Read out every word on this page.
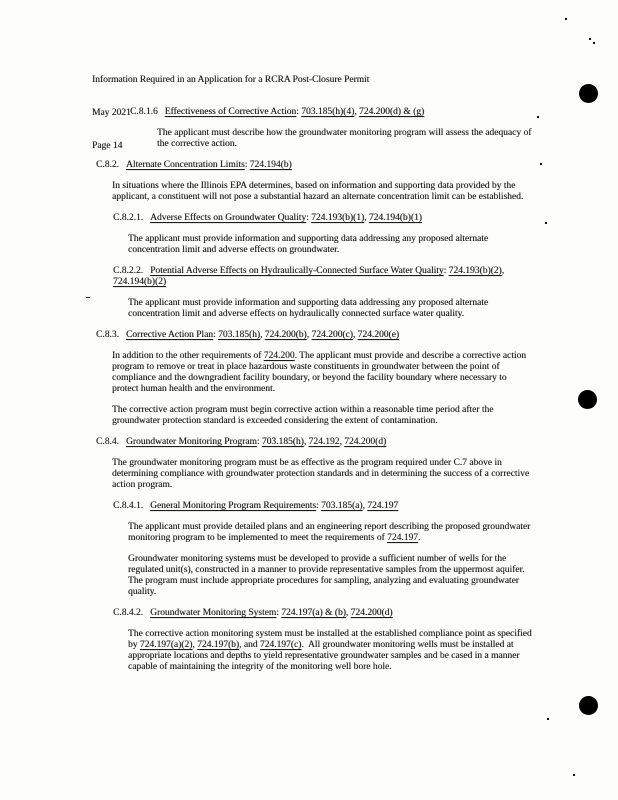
Information Required in an Application for a RCRA Post-Closure Permit

May 2021

Page 14

C.8.1.6 Effectiveness of Corrective Action: 703.185(h)(4), 724.200(d) & (g)
The applicant must describe how the groundwater monitoring program will assess the adequacy of the corrective action.
C.8.2. Alternate Concentration Limits: 724.194(b)
In situations where the Illinois EPA determines, based on information and supporting data provided by the applicant, a constituent will not pose a substantial hazard an alternate concentration limit can be established.
C.8.2.1. Adverse Effects on Groundwater Quality: 724.193(b)(1), 724.194(b)(1)
The applicant must provide information and supporting data addressing any proposed alternate concentration limit and adverse effects on groundwater.
C.8.2.2. Potential Adverse Effects on Hydraulically-Connected Surface Water Quality: 724.193(b)(2), 724.194(b)(2)
The applicant must provide information and supporting data addressing any proposed alternate concentration limit and adverse effects on hydraulically connected surface water quality.
C.8.3. Corrective Action Plan: 703.185(h), 724.200(b), 724.200(c), 724.200(e)
In addition to the other requirements of 724.200. The applicant must provide and describe a corrective action program to remove or treat in place hazardous waste constituents in groundwater between the point of compliance and the downgradient facility boundary, or beyond the facility boundary where necessary to protect human health and the environment.
The corrective action program must begin corrective action within a reasonable time period after the groundwater protection standard is exceeded considering the extent of contamination.
C.8.4. Groundwater Monitoring Program: 703.185(h), 724.192, 724.200(d)
The groundwater monitoring program must be as effective as the program required under C.7 above in determining compliance with groundwater protection standards and in determining the success of a corrective action program.
C.8.4.1. General Monitoring Program Requirements: 703.185(a), 724.197
The applicant must provide detailed plans and an engineering report describing the proposed groundwater monitoring program to be implemented to meet the requirements of 724.197.
Groundwater monitoring systems must be developed to provide a sufficient number of wells for the regulated unit(s), constructed in a manner to provide representative samples from the uppermost aquifer.  The program must include appropriate procedures for sampling, analyzing and evaluating groundwater quality.
C.8.4.2. Groundwater Monitoring System: 724.197(a) & (b), 724.200(d)
The corrective action monitoring system must be installed at the established compliance point as specified by 724.197(a)(2), 724.197(b), and 724.197(c).  All groundwater monitoring wells must be installed at appropriate locations and depths to yield representative groundwater samples and be cased in a manner capable of maintaining the integrity of the monitoring well bore hole.
